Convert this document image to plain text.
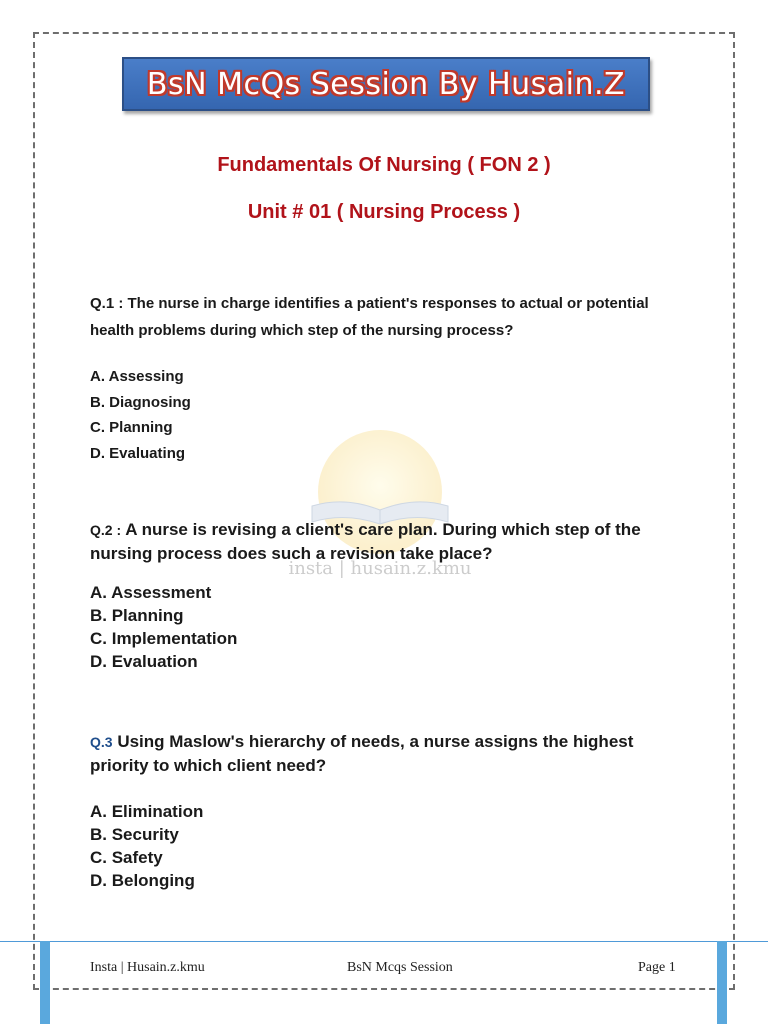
BsN McQs Session By Husain.Z
Fundamentals Of Nursing ( FON 2 )
Unit # 01 ( Nursing Process )
insta | husain.z.kmu
Q.1 : The nurse in charge identifies a patient's responses to actual or potential health problems during which step of the nursing process?
A. Assessing
B. Diagnosing
C. Planning
D. Evaluating
Q.2 : A nurse is revising a client's care plan. During which step of the nursing process does such a revision take place?
A. Assessment
B. Planning
C. Implementation
D. Evaluation
Q.3 Using Maslow's hierarchy of needs, a nurse assigns the highest priority to which client need?
A. Elimination
B. Security
C. Safety
D. Belonging
Insta | Husain.z.kmu	BsN Mcqs Session	Page 1
